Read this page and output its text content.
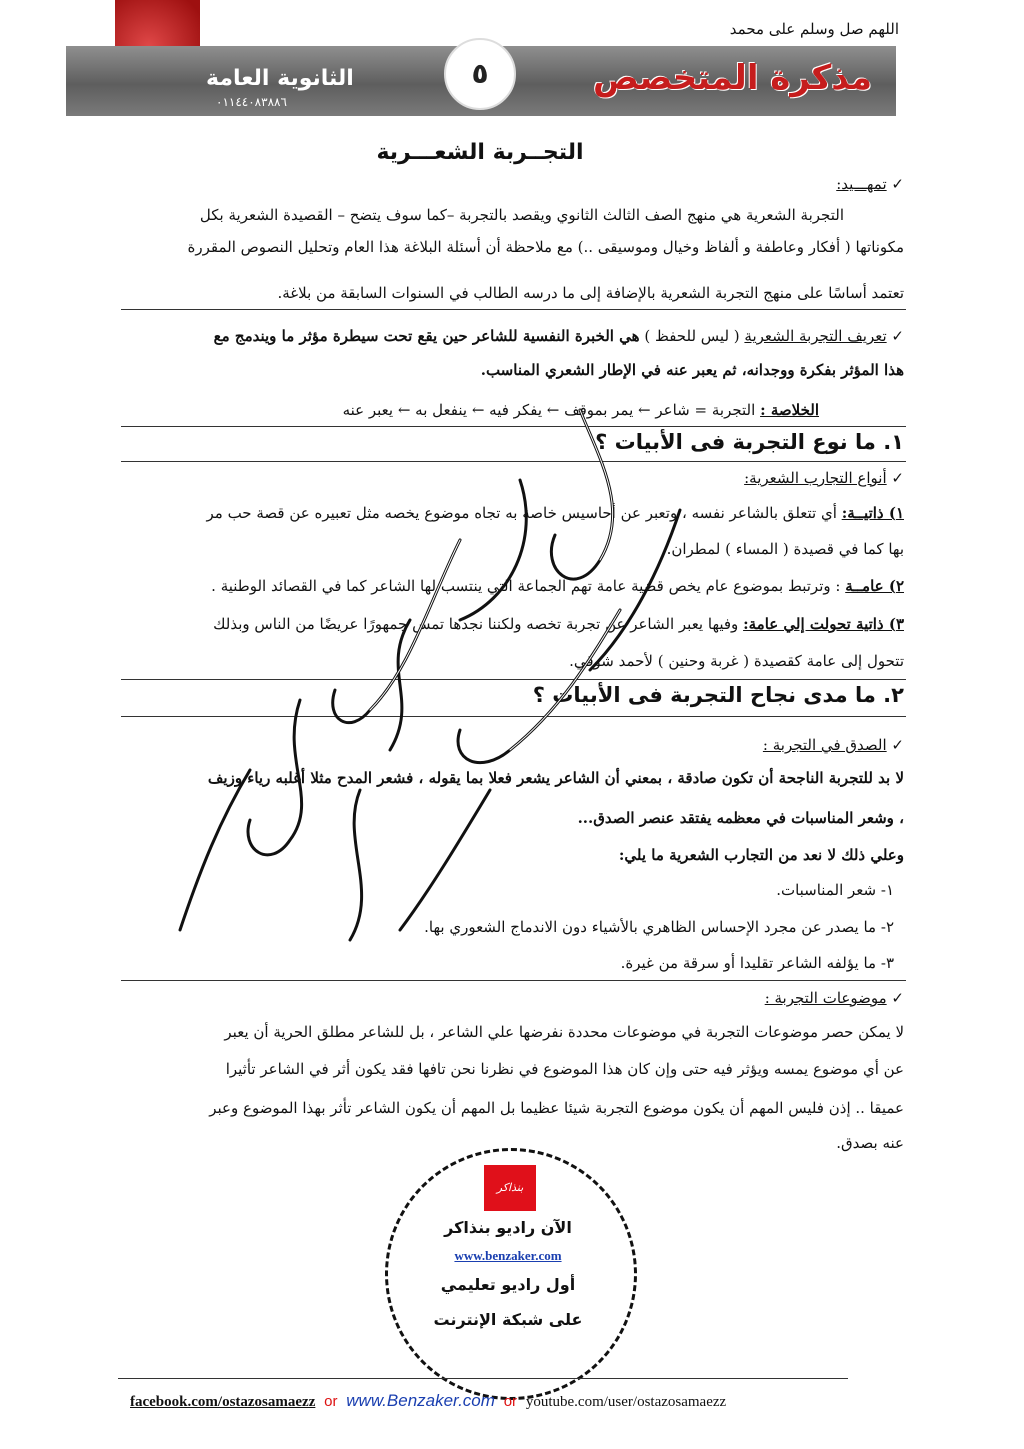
اللهم صل وسلم على محمد
مذكرة المتخصص
٥
الثانوية العامة
٠١١٤٤٠٨٣٨٨٦
التجــربة الشعـــرية
✓ تمهـــيد:
التجربة الشعرية هي منهج الصف الثالث الثانوي ويقصد بالتجربة –كما سوف يتضح – القصيدة الشعرية بكل
مكوناتها ( أفكار وعاطفة و ألفاظ وخيال وموسيقى ..) مع ملاحظة أن أسئلة البلاغة هذا العام وتحليل النصوص المقررة
تعتمد أساسًا على منهج التجربة الشعرية بالإضافة إلى ما درسه الطالب في السنوات السابقة من بلاغة.
✓ تعريف التجربة الشعرية ( ليس للحفظ ) هي الخبرة النفسية للشاعر حين يقع تحت سيطرة مؤثر ما ويندمج مع
هذا المؤثر بفكرة ووجدانه، ثم يعبر عنه في الإطار الشعري المناسب.
الخلاصة : التجربة = شاعر ← يمر بموقف ← يفكر فيه ← ينفعل به ← يعبر عنه
١. ما نوع التجربة فى الأبيات ؟
✓ أنواع التجارب الشعرية:
١) ذاتيــة: أي تتعلق بالشاعر نفسه ، وتعبر عن أحاسيس خاصة به تجاه موضوع يخصه مثل تعبيره عن قصة حب مر
بها كما في قصيدة ( المساء ) لمطران.
٢) عامــة : وترتبط بموضوع عام يخص قضية عامة تهم الجماعة التي ينتسب لها الشاعر كما في القصائد الوطنية .
٣) ذاتية تحولت إلي عامة: وفيها يعبر الشاعر عن تجربة تخصه ولكننا نجدها تمس جمهورًا عريضًا من الناس وبذلك
تتحول إلى عامة كقصيدة ( غربة وحنين ) لأحمد شوقي.
٢. ما مدى نجاح التجربة فى الأبيات ؟
✓ الصدق في التجربة :
لا بد للتجربة الناجحة أن تكون صادقة ، بمعني أن الشاعر يشعر فعلا بما يقوله ، فشعر المدح مثلا أغلبه رياء وزيف
، وشعر المناسبات في معظمه يفتقد عنصر الصدق...
وعلي ذلك لا نعد من التجارب الشعرية ما يلي:
١- شعر المناسبات.
٢- ما يصدر عن مجرد الإحساس الظاهري بالأشياء دون الاندماج الشعوري بها.
٣- ما يؤلفه الشاعر تقليدا أو سرقة من غيرة.
✓ موضوعات التجربة :
لا يمكن حصر موضوعات التجربة في موضوعات محددة نفرضها علي الشاعر ، بل للشاعر مطلق الحرية أن يعبر
عن أي موضوع يمسه ويؤثر فيه حتى وإن كان هذا الموضوع في نظرنا نحن تافها فقد يكون أثر في الشاعر تأثيرا
عميقا .. إذن فليس المهم أن يكون موضوع التجربة شيئا عظيما بل المهم أن يكون الشاعر تأثر بهذا الموضوع وعبر
عنه بصدق.
بنذاكر
الآن راديو بنذاكر
www.benzaker.com
أول راديو تعليمي
على شبكة الإنترنت
facebook.com/ostazosamaezz or www.Benzaker.com or youtube.com/user/ostazosamaezz
